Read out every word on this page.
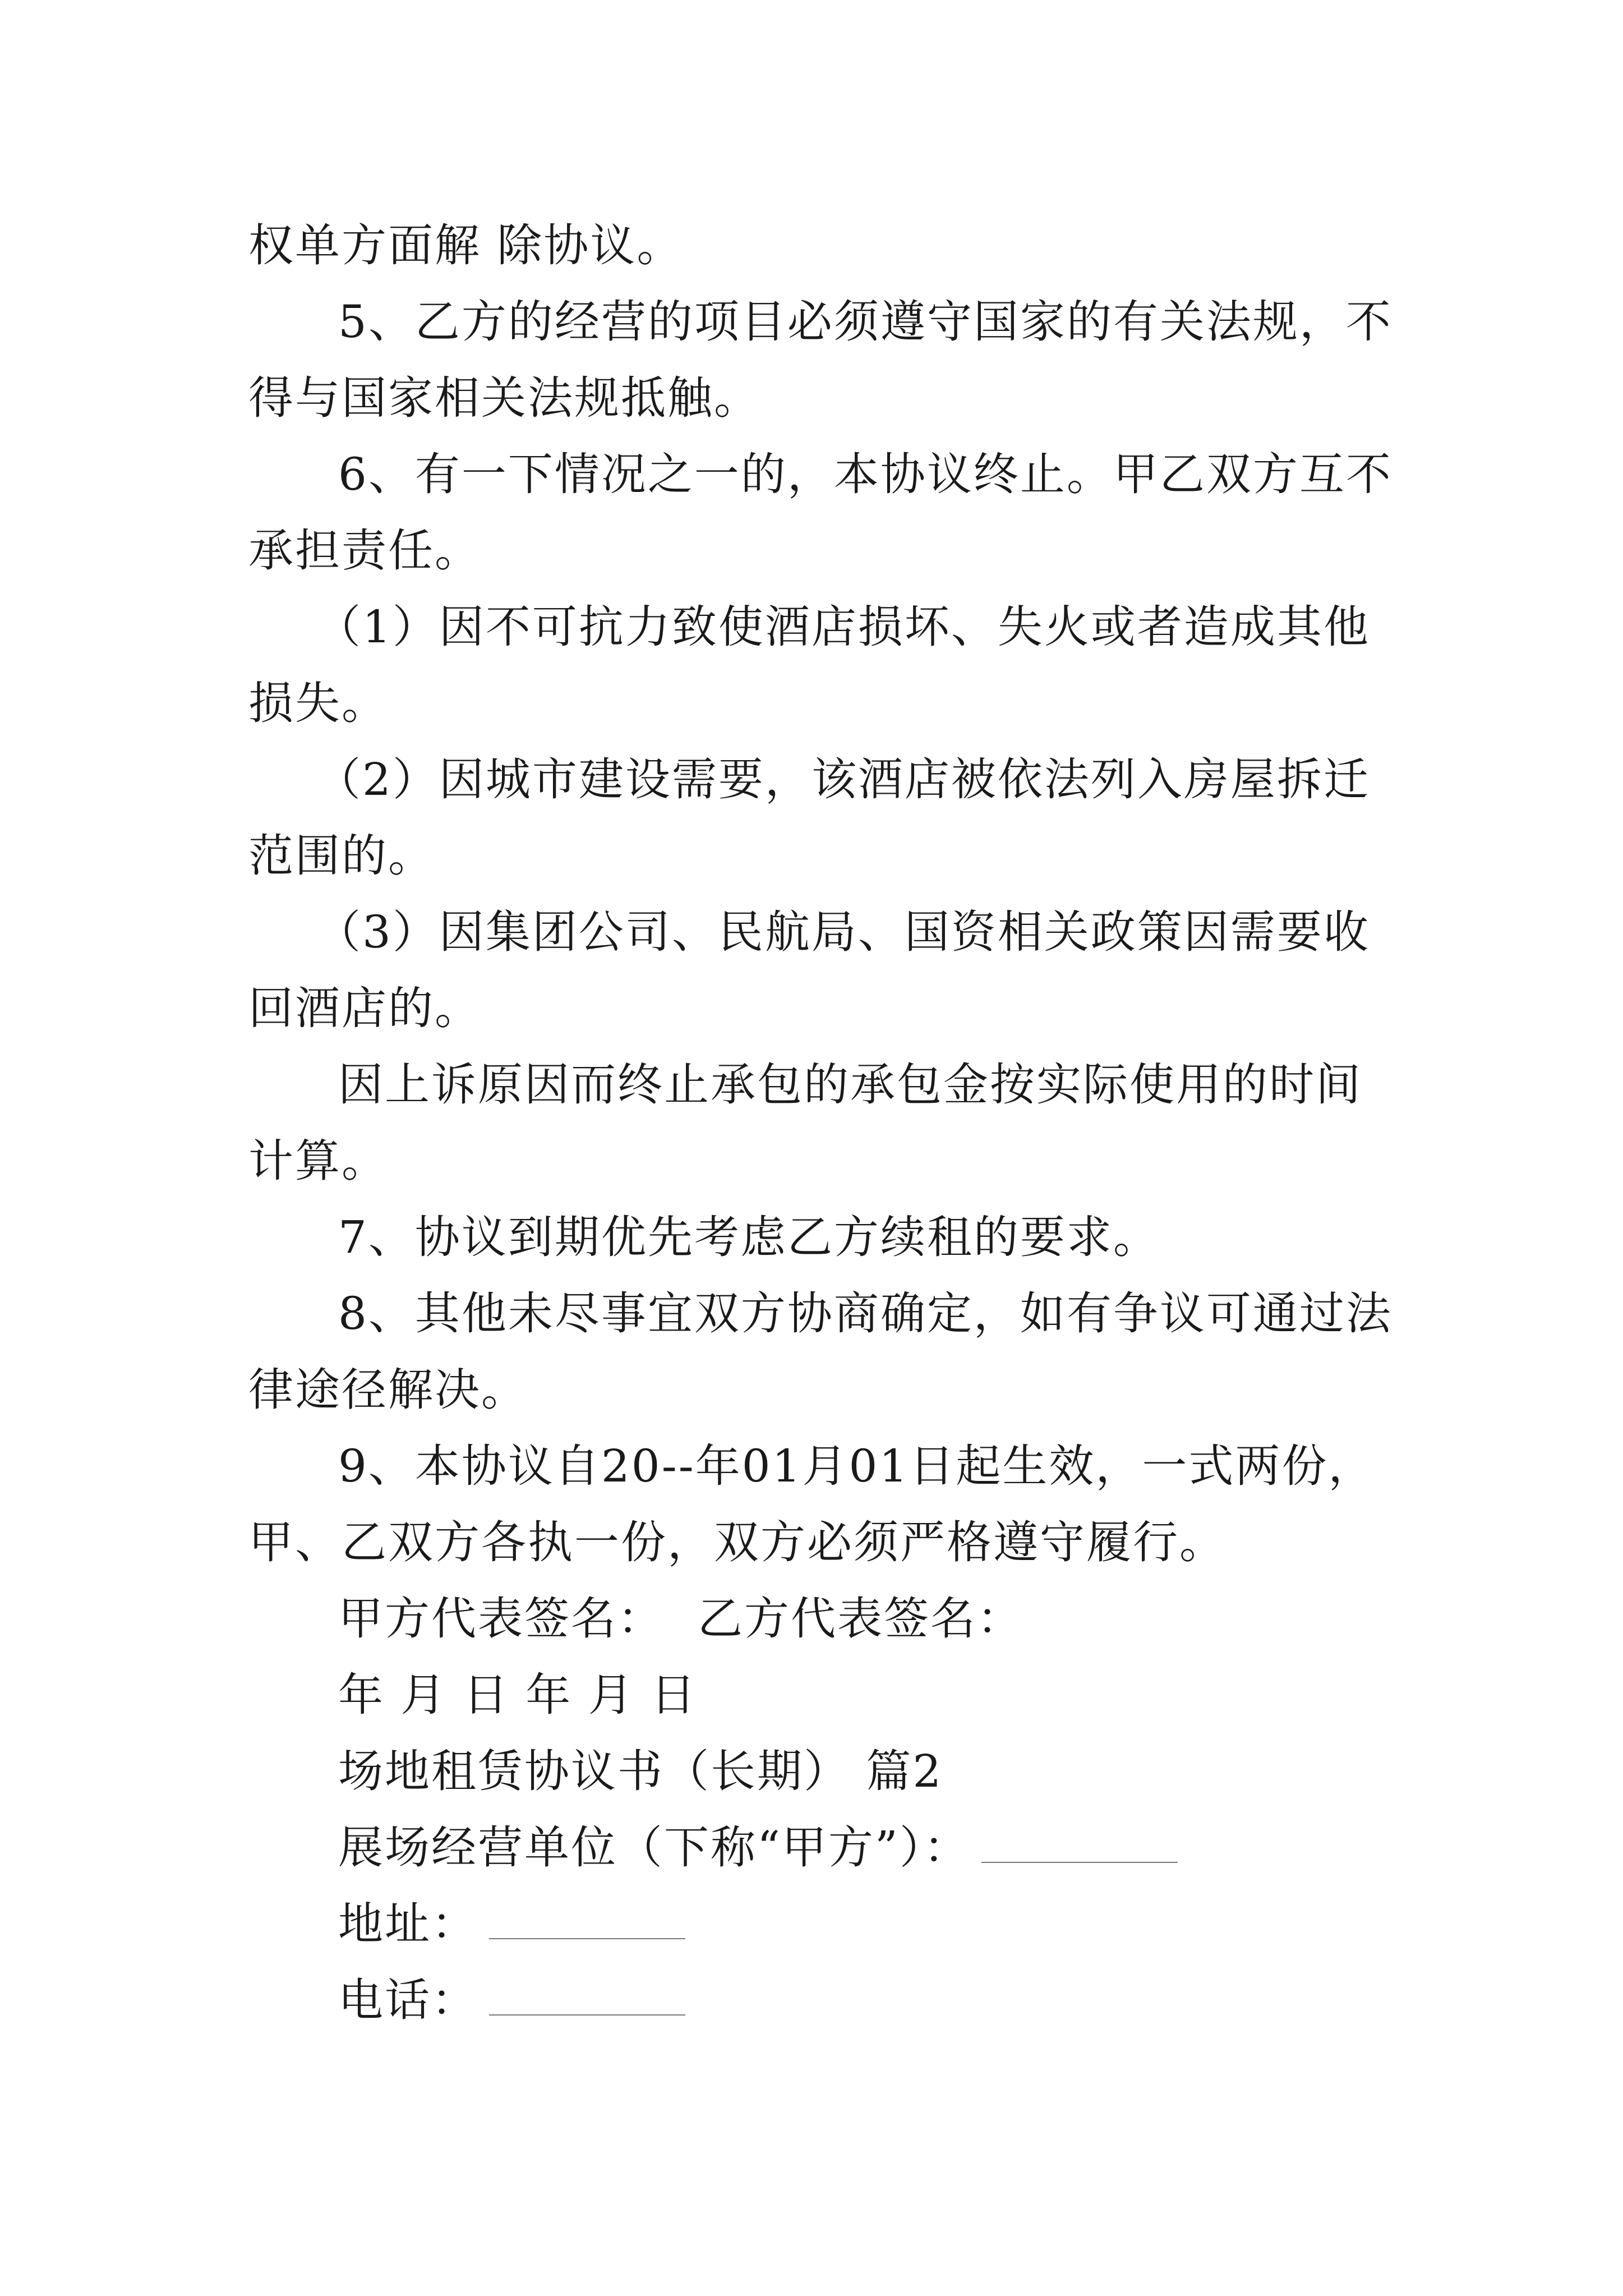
权单方面解 除协议。

5、乙方的经营的项目必须遵守国家的有关法规，不得与国家相关法规抵触。

6、有一下情况之一的，本协议终止。甲乙双方互不承担责任。

（1）因不可抗力致使酒店损坏、失火或者造成其他损失。

（2）因城市建设需要，该酒店被依法列入房屋拆迁范围的。

（3）因集团公司、民航局、国资相关政策因需要收回酒店的。

因上诉原因而终止承包的承包金按实际使用的时间计算。

7、协议到期优先考虑乙方续租的要求。

8、其他未尽事宜双方协商确定，如有争议可通过法律途径解决。

9、本协议自20--年01月01日起生效，一式两份，甲、乙双方各执一份，双方必须严格遵守履行。

甲方代表签名： 乙方代表签名：
年 月 日 年 月 日
场地租赁协议书（长期） 篇2
展场经营单位（下称“甲方”）：
地址：
电话：
